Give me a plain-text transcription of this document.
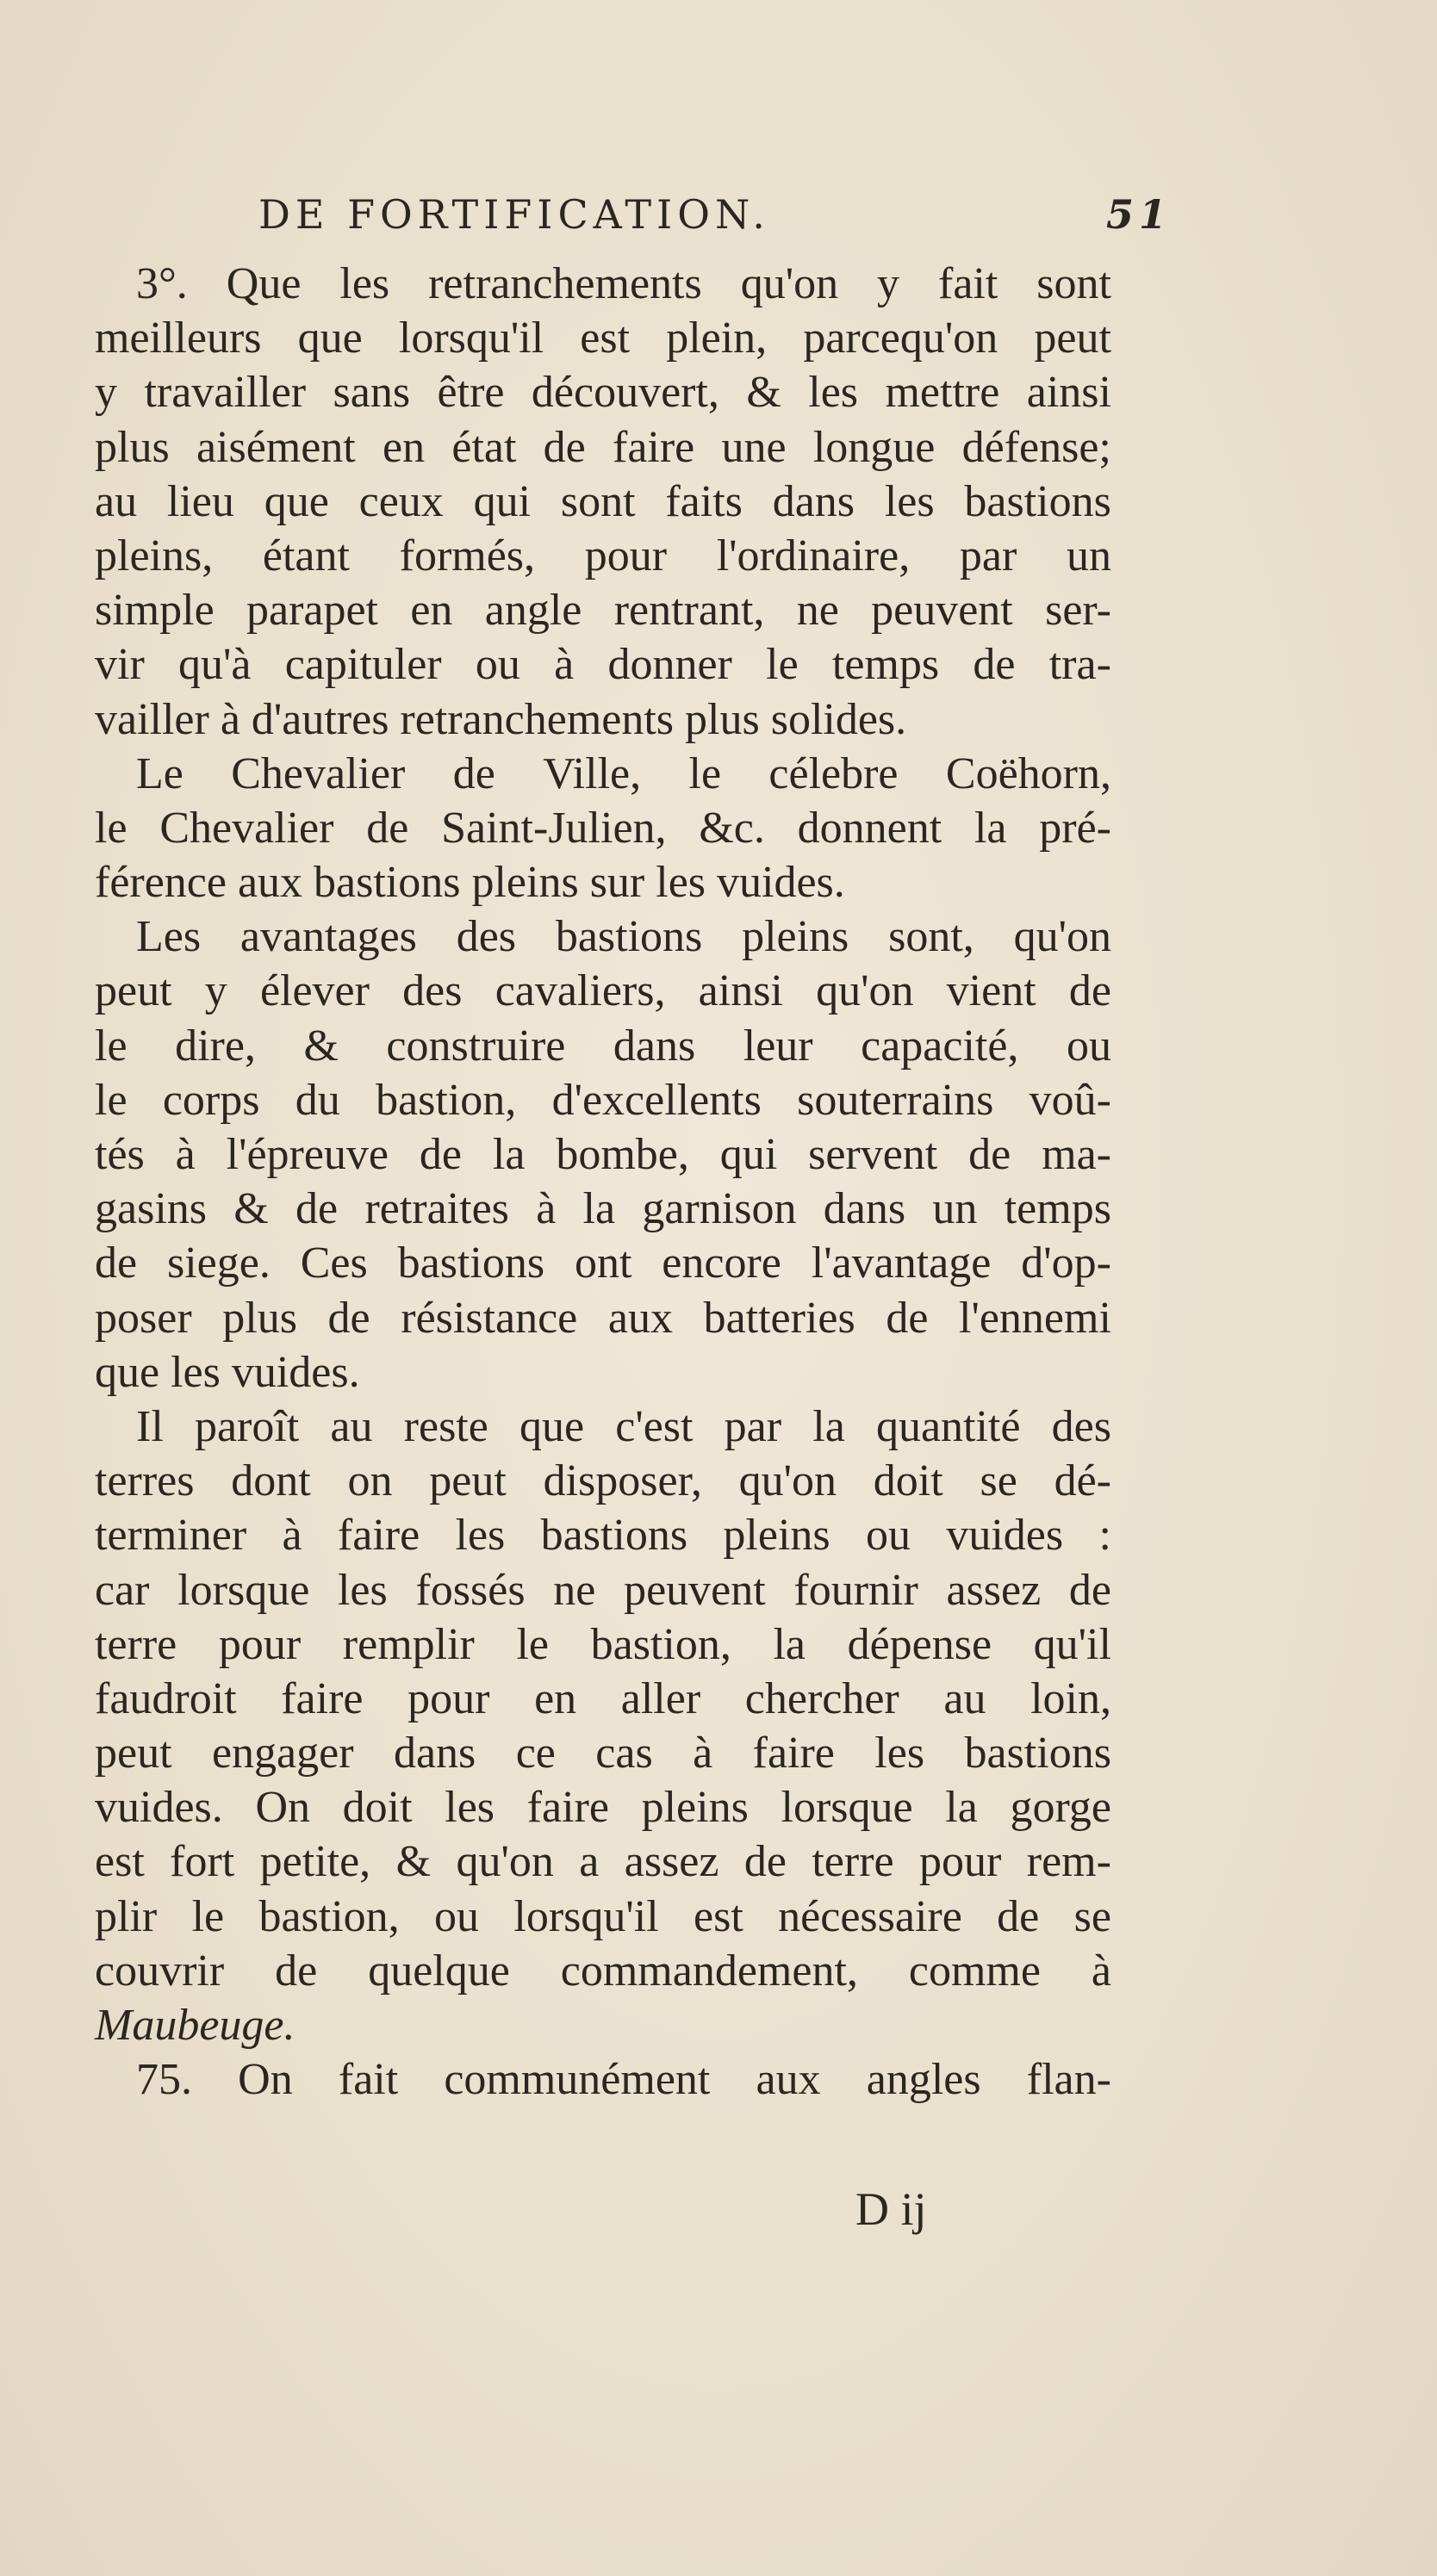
DE FORTIFICATION.	51
3°. Que les retranchements qu'on y fait sont
meilleurs que lorsqu'il est plein, parcequ'on peut
y travailler sans être découvert, & les mettre ainsi
plus aisément en état de faire une longue défense;
au lieu que ceux qui sont faits dans les bastions
pleins, étant formés, pour l'ordinaire, par un
simple parapet en angle rentrant, ne peuvent ser-
vir qu'à capituler ou à donner le temps de tra-
vailler à d'autres retranchements plus solides.
Le Chevalier de Ville, le célebre Coëhorn,
le Chevalier de Saint-Julien, &c. donnent la pré-
férence aux bastions pleins sur les vuides.
Les avantages des bastions pleins sont, qu'on
peut y élever des cavaliers, ainsi qu'on vient de
le dire, & construire dans leur capacité, ou
le corps du bastion, d'excellents souterrains voû-
tés à l'épreuve de la bombe, qui servent de ma-
gasins & de retraites à la garnison dans un temps
de siege. Ces bastions ont encore l'avantage d'op-
poser plus de résistance aux batteries de l'ennemi
que les vuides.
Il paroît au reste que c'est par la quantité des
terres dont on peut disposer, qu'on doit se dé-
terminer à faire les bastions pleins ou vuides :
car lorsque les fossés ne peuvent fournir assez de
terre pour remplir le bastion, la dépense qu'il
faudroit faire pour en aller chercher au loin,
peut engager dans ce cas à faire les bastions
vuides. On doit les faire pleins lorsque la gorge
est fort petite, & qu'on a assez de terre pour rem-
plir le bastion, ou lorsqu'il est nécessaire de se
couvrir de quelque commandement, comme à
Maubeuge.
75. On fait communément aux angles flan-
D ij
